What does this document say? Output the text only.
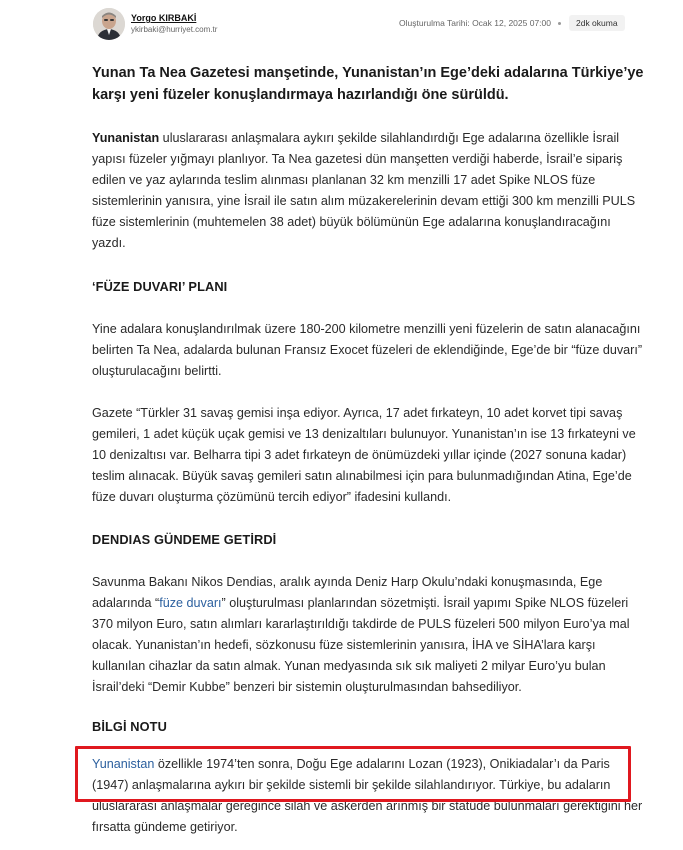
Yorgo KIRBAKİ
ykirbaki@hurriyet.com.tr
Oluşturulma Tarihi: Ocak 12, 2025 07:00	2dk okuma

Yunan Ta Nea Gazetesi manşetinde, Yunanistan’ın Ege’deki adalarına Türkiye’ye karşı yeni füzeler konuşlandırmaya hazırlandığı öne sürüldü.

Yunanistan uluslararası anlaşmalara aykırı şekilde silahlandırdığı Ege adalarına özellikle İsrail yapısı füzeler yığmayı planlıyor. Ta Nea gazetesi dün manşetten verdiği haberde, İsrail’e sipariş edilen ve yaz aylarında teslim alınması planlanan 32 km menzilli 17 adet Spike NLOS füze sistemlerinin yanısıra, yine İsrail ile satın alım müzakerelerinin devam ettiği 300 km menzilli PULS füze sistemlerinin (muhtemelen 38 adet) büyük bölümünün Ege adalarına konuşlandıracağını yazdı.

‘FÜZE DUVARI’ PLANI

Yine adalara konuşlandırılmak üzere 180-200 kilometre menzilli yeni füzelerin de satın alanacağını belirten Ta Nea, adalarda bulunan Fransız Exocet füzeleri de eklendiğinde, Ege’de bir “füze duvarı” oluşturulacağını belirtti.

Gazete “Türkler 31 savaş gemisi inşa ediyor. Ayrıca, 17 adet fırkateyn, 10 adet korvet tipi savaş gemileri, 1 adet küçük uçak gemisi ve 13 denizaltıları bulunuyor. Yunanistan’ın ise 13 fırkateyni ve 10 denizaltısı var. Belharra tipi 3 adet fırkateyn de önümüzdeki yıllar içinde (2027 sonuna kadar) teslim alınacak. Büyük savaş gemileri satın alınabilmesi için para bulunmadığından Atina, Ege’de füze duvarı oluşturma çözümünü tercih ediyor” ifadesini kullandı.

DENDIAS GÜNDEME GETİRDİ

Savunma Bakanı Nikos Dendias, aralık ayında Deniz Harp Okulu’ndaki konuşmasında, Ege adalarında “füze duvarı” oluşturulması planlarından sözetmişti. İsrail yapımı Spike NLOS füzeleri 370 milyon Euro, satın alımları kararlaştırıldığı takdirde de PULS füzeleri 500 milyon Euro’ya mal olacak. Yunanistan’ın hedefi, sözkonusu füze sistemlerinin yanısıra, İHA ve SİHA’lara karşı kullanılan cihazlar da satın almak. Yunan medyasında sık sık maliyeti 2 milyar Euro’yu bulan İsrail’deki “Demir Kubbe” benzeri bir sistemin oluşturulmasından bahsediliyor.

BİLGİ NOTU

Yunanistan özellikle 1974’ten sonra, Doğu Ege adalarını Lozan (1923), Onikiadalar’ı da Paris (1947) anlaşmalarına aykırı bir şekilde sistemli bir şekilde silahlandırıyor. Türkiye, bu adaların uluslararası anlaşmalar gereğince silah ve askerden arınmış bir statüde bulunmaları gerektiğini her fırsatta gündeme getiriyor.
